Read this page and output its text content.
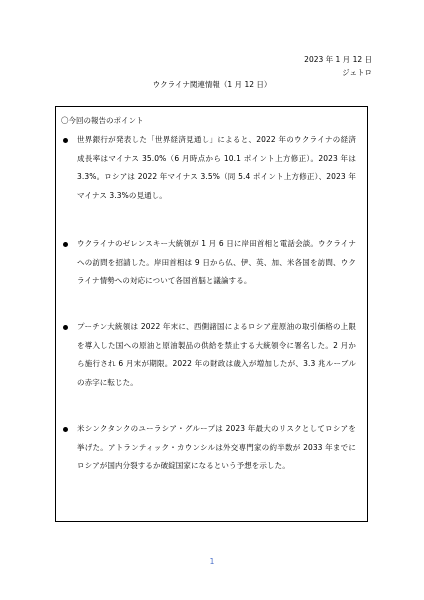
2023 年 1 月 12 日
ジェトロ
ウクライナ関連情報（1 月 12 日）
〇今回の報告のポイント
世界銀行が発表した「世界経済見通し」によると、2022 年のウクライナの経済成長率はマイナス 35.0%（6 月時点から 10.1 ポイント上方修正）。2023 年は 3.3%。ロシアは 2022 年マイナス 3.5%（同 5.4 ポイント上方修正）、2023 年マイナス 3.3%の見通し。
ウクライナのゼレンスキー大統領が 1 月 6 日に岸田首相と電話会談。ウクライナへの訪問を招請した。岸田首相は 9 日から仏、伊、英、加、米各国を訪問、ウクライナ情勢への対応について各国首脳と議論する。
プーチン大統領は 2022 年末に、西側諸国によるロシア産原油の取引価格の上限を導入した国への原油と原油製品の供給を禁止する大統領令に署名した。2 月から施行され 6 月末が期限。2022 年の財政は歳入が増加したが、3.3 兆ルーブルの赤字に転じた。
米シンクタンクのユーラシア・グループは 2023 年最大のリスクとしてロシアを挙げた。アトランティック・カウンシルは外交専門家の約半数が 2033 年までにロシアが国内分裂するか破綻国家になるという予想を示した。
1
